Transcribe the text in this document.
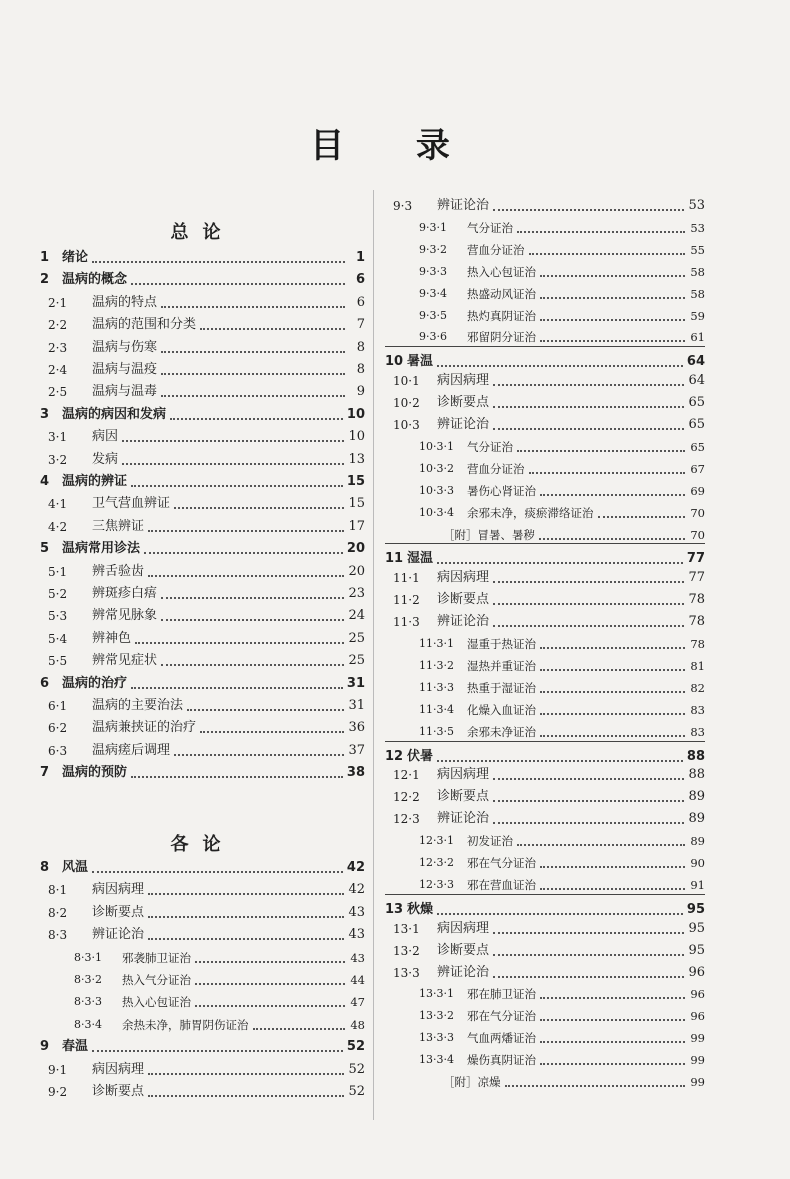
目 录
总论
各论
1 绪论	1
2 温病的概念	6
2·1	温病的特点	6
2·2	温病的范围和分类	7
2·3	温病与伤寒	8
2·4	温病与温疫	8
2·5	温病与温毒	9
3 温病的病因和发病	10
3·1	病因	10
3·2	发病	13
4 温病的辨证	15
4·1	卫气营血辨证	15
4·2	三焦辨证	17
5 温病常用诊法	20
5·1	辨舌验齿	20
5·2	辨斑疹白痦	23
5·3	辨常见脉象	24
5·4	辨神色	25
5·5	辨常见症状	25
6 温病的治疗	31
6·1	温病的主要治法	31
6·2	温病兼挟证的治疗	36
6·3	温病瘥后调理	37
7 温病的预防	38
8 风温	42
8·1	病因病理	42
8·2	诊断要点	43
8·3	辨证论治	43
8·3·1	邪袭肺卫证治	43
8·3·2	热入气分证治	44
8·3·3	热入心包证治	47
8·3·4	余热未净，肺胃阴伤证治	48
9 春温	52
9·1	病因病理	52
9·2	诊断要点	52
9·3	辨证论治	53
9·3·1	气分证治	53
9·3·2	营血分证治	55
9·3·3	热入心包证治	58
9·3·4	热盛动风证治	58
9·3·5	热灼真阴证治	59
9·3·6	邪留阴分证治	61
10 暑温	64
10·1	病因病理	64
10·2	诊断要点	65
10·3	辨证论治	65
10·3·1	气分证治	65
10·3·2	营血分证治	67
10·3·3	暑伤心肾证治	69
10·3·4	余邪未净，痰瘀滞络证治	70
［附］冒暑、暑秽	70
11 湿温	77
11·1	病因病理	77
11·2	诊断要点	78
11·3	辨证论治	78
11·3·1	湿重于热证治	78
11·3·2	湿热并重证治	81
11·3·3	热重于湿证治	82
11·3·4	化燥入血证治	83
11·3·5	余邪未净证治	83
12 伏暑	88
12·1	病因病理	88
12·2	诊断要点	89
12·3	辨证论治	89
12·3·1	初发证治	89
12·3·2	邪在气分证治	90
12·3·3	邪在营血证治	91
13 秋燥	95
13·1	病因病理	95
13·2	诊断要点	95
13·3	辨证论治	96
13·3·1	邪在肺卫证治	96
13·3·2	邪在气分证治	96
13·3·3	气血两燔证治	99
13·3·4	燥伤真阴证治	99
［附］凉燥	99
